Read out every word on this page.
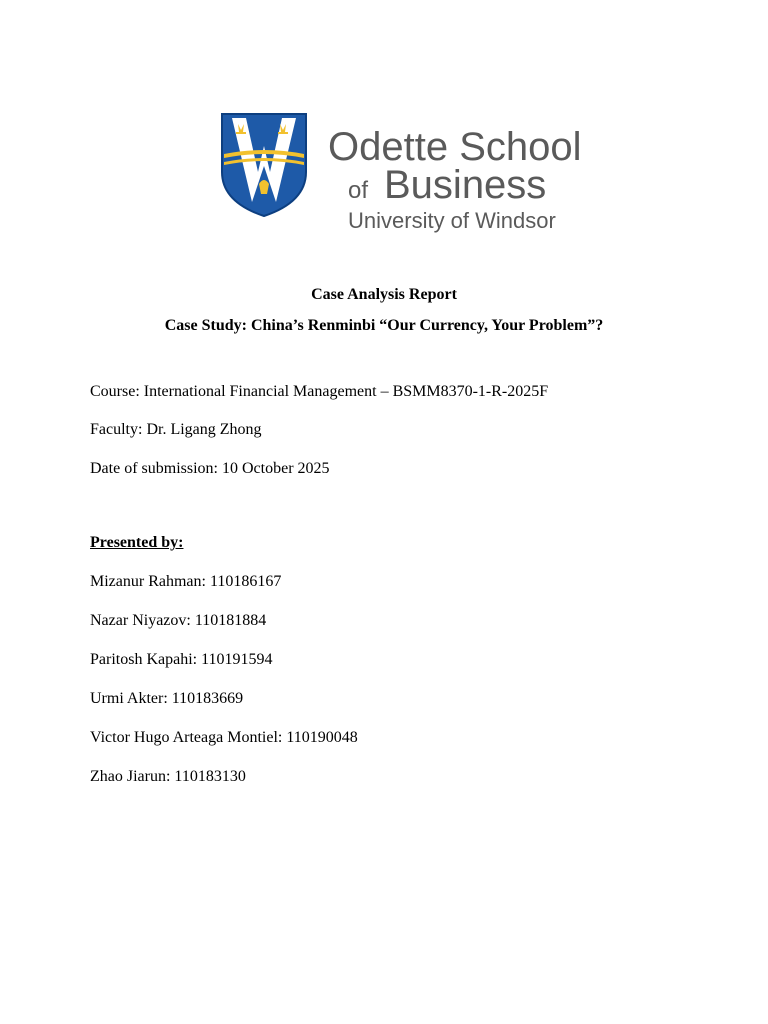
Odette School
of Business
University of Windsor
Case Analysis Report
Case Study: China’s Renminbi “Our Currency, Your Problem”?
Course: International Financial Management – BSMM8370-1-R-2025F
Faculty: Dr. Ligang Zhong
Date of submission: 10 October 2025
Presented by:
Mizanur Rahman: 110186167
Nazar Niyazov: 110181884
Paritosh Kapahi: 110191594
Urmi Akter: 110183669
Victor Hugo Arteaga Montiel: 110190048
Zhao Jiarun: 110183130
